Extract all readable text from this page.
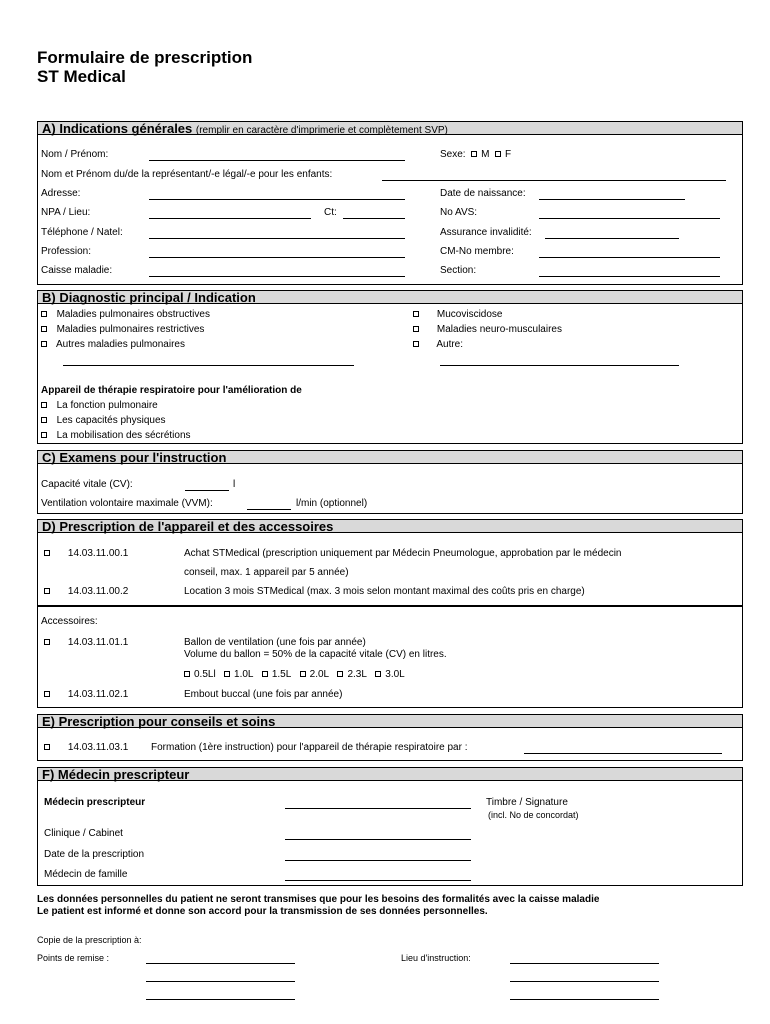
Formulaire de prescription
ST Medical
A) Indications générales (remplir en caractère d'imprimerie et complètement SVP)
Nom / Prénom:	Sexe: M F
Nom et Prénom du/de la représentant/-e légal/-e pour les enfants:
Adresse:	Date de naissance:
NPA / Lieu:	Ct:	No AVS:
Téléphone / Natel:	Assurance invalidité:
Profession:	CM-No membre:
Caisse maladie:	Section:
B) Diagnostic principal / Indication
Maladies pulmonaires obstructives
Maladies pulmonaires restrictives
Autres maladies pulmonaires
Mucoviscidose
Maladies neuro-musculaires
Autre:
Appareil de thérapie respiratoire pour l'amélioration de
La fonction pulmonaire
Les capacités physiques
La mobilisation des sécrétions
C) Examens pour l'instruction
Capacité vitale (CV):	l
Ventilation volontaire maximale (VVM):	l/min (optionnel)
D) Prescription de l'appareil et des accessoires
14.03.11.00.1	Achat STMedical (prescription uniquement par Médecin Pneumologue, approbation par le médecin
conseil, max. 1 appareil par 5 année)
14.03.11.00.2	Location 3 mois STMedical (max. 3 mois selon montant maximal des coûts pris en charge)
Accessoires:
14.03.11.01.1	Ballon de ventilation (une fois par année)
Volume du ballon = 50% de la capacité vitale (CV) en litres.
0.5Ll 1.0L 1.5L 2.0L 2.3L 3.0L
14.03.11.02.1	Embout buccal (une fois par année)
E) Prescription pour conseils et soins
14.03.11.03.1 Formation (1ère instruction) pour l'appareil de thérapie respiratoire par :
F) Médecin prescripteur
Médecin prescripteur	Timbre / Signature
(incl. No de concordat)
Clinique / Cabinet
Date de la prescription
Médecin de famille
Les données personnelles du patient ne seront transmises que pour les besoins des formalités avec la caisse maladie
Le patient est informé et donne son accord pour la transmission de ses données personnelles.
Copie de la prescription à:
Points de remise :	Lieu d'instruction:
